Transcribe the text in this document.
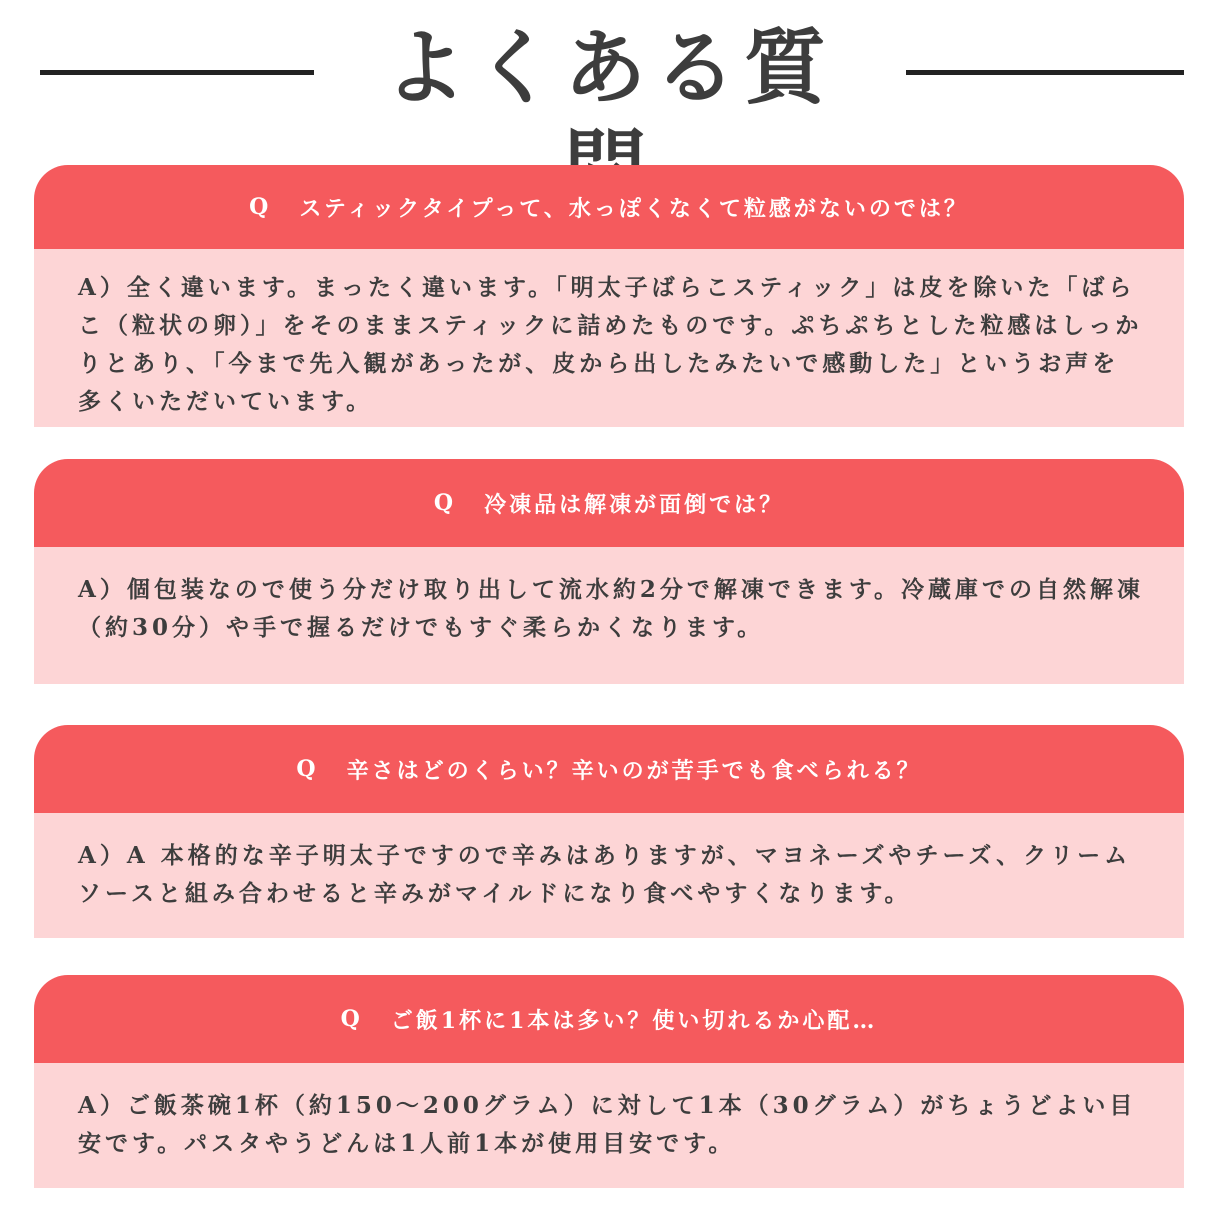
よくある質
Q スティックタイプって、水っぽくなくて粒感がないのでは？
A）全く違います。まったく違います。「明太子ばらこスティック」は皮を除いた「ばらこ（粒状の卵）」をそのままスティックに詰めたものです。ぷちぷちとした粒感はしっかりとあり、「今まで先入観があったが、皮から出したみたいで感動した」というお声を多くいただいています。
Q 冷凍品は解凍が面倒では？
A）個包装なので使う分だけ取り出して流水約2分で解凍できます。冷蔵庫での自然解凍（約30分）や手で握るだけでもすぐ柔らかくなります。
Q 辛さはどのくらい？辛いのが苦手でも食べられる？
A）A 本格的な辛子明太子ですので辛みはありますが、マヨネーズやチーズ、クリームソースと組み合わせると辛みがマイルドになり食べやすくなります。
Q ご飯1杯に1本は多い？使い切れるか心配…
A）ご飯茶碗1杯（約150〜200グラム）に対して1本（30グラム）がちょうどよい目安です。パスタやうどんは1人前1本が使用目安です。
